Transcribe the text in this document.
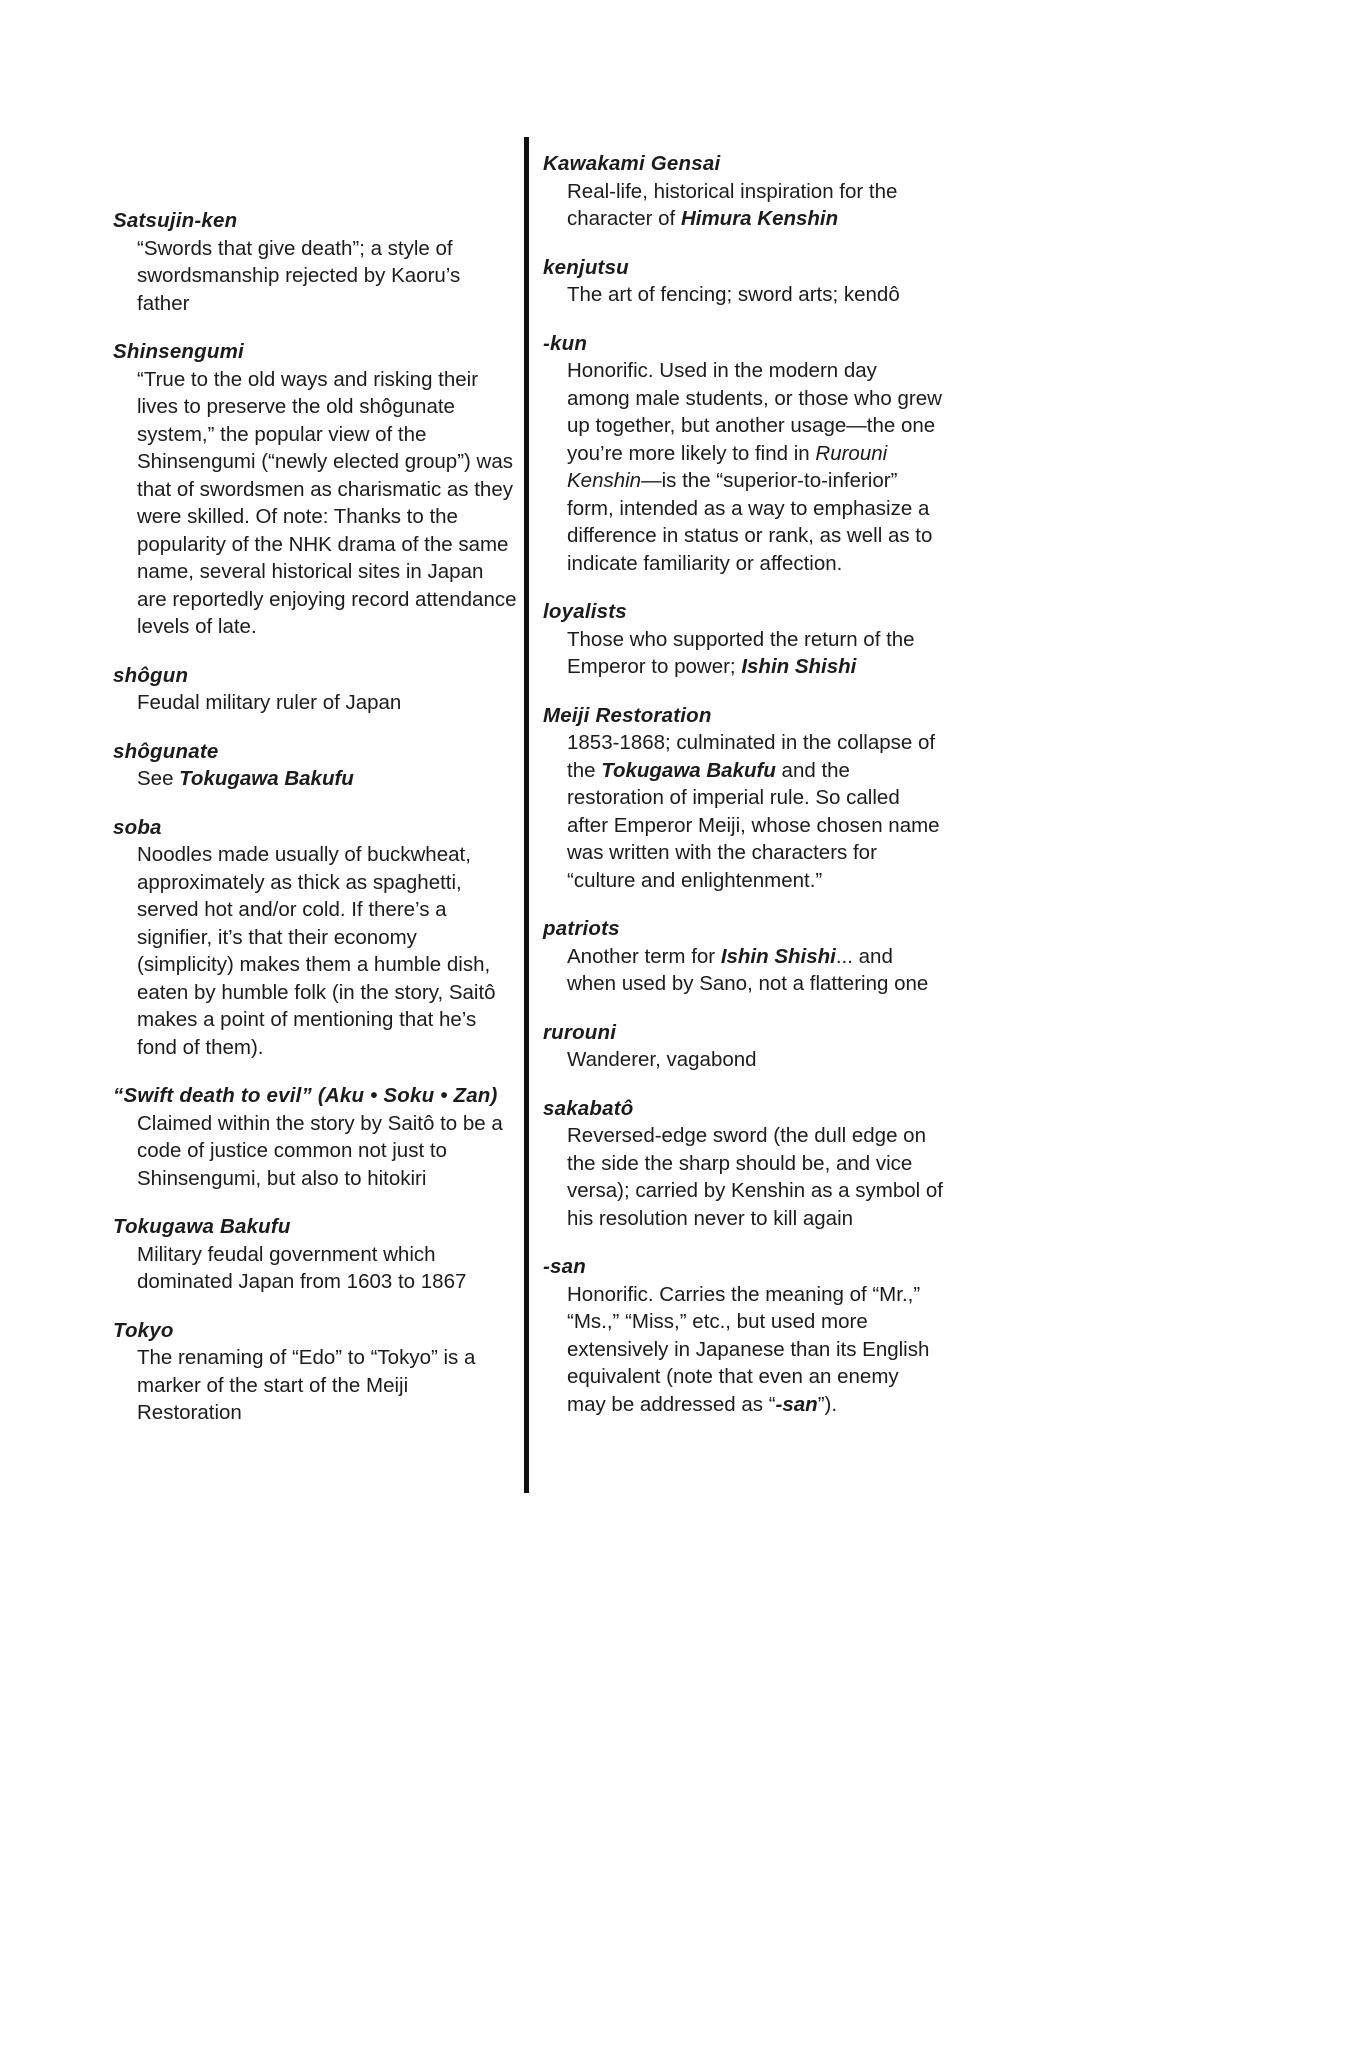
Satsujin-ken
“Swords that give death”; a style of swordsmanship rejected by Kaoru’s father
Shinsengumi
“True to the old ways and risking their lives to preserve the old shôgunate system,” the popular view of the Shinsengumi (“newly elected group”) was that of swordsmen as charismatic as they were skilled. Of note: Thanks to the popularity of the NHK drama of the same name, several historical sites in Japan are reportedly enjoying record attendance levels of late.
shôgun
Feudal military ruler of Japan
shôgunate
See Tokugawa Bakufu
soba
Noodles made usually of buckwheat, approximately as thick as spaghetti, served hot and/or cold. If there’s a signifier, it’s that their economy (simplicity) makes them a humble dish, eaten by humble folk (in the story, Saitô makes a point of mentioning that he’s fond of them).
“Swift death to evil” (Aku • Soku • Zan)
Claimed within the story by Saitô to be a code of justice common not just to Shinsengumi, but also to hitokiri
Tokugawa Bakufu
Military feudal government which dominated Japan from 1603 to 1867
Tokyo
The renaming of “Edo” to “Tokyo” is a marker of the start of the Meiji Restoration
Kawakami Gensai
Real-life, historical inspiration for the character of Himura Kenshin
kenjutsu
The art of fencing; sword arts; kendô
-kun
Honorific. Used in the modern day among male students, or those who grew up together, but another usage—the one you’re more likely to find in Rurouni Kenshin—is the “superior-to-inferior” form, intended as a way to emphasize a difference in status or rank, as well as to indicate familiarity or affection.
loyalists
Those who supported the return of the Emperor to power; Ishin Shishi
Meiji Restoration
1853-1868; culminated in the collapse of the Tokugawa Bakufu and the restoration of imperial rule. So called after Emperor Meiji, whose chosen name was written with the characters for “culture and enlightenment.”
patriots
Another term for Ishin Shishi... and when used by Sano, not a flattering one
rurouni
Wanderer, vagabond
sakabatô
Reversed-edge sword (the dull edge on the side the sharp should be, and vice versa); carried by Kenshin as a symbol of his resolution never to kill again
-san
Honorific. Carries the meaning of “Mr.,” “Ms.,” “Miss,” etc., but used more extensively in Japanese than its English equivalent (note that even an enemy may be addressed as “-san”).
